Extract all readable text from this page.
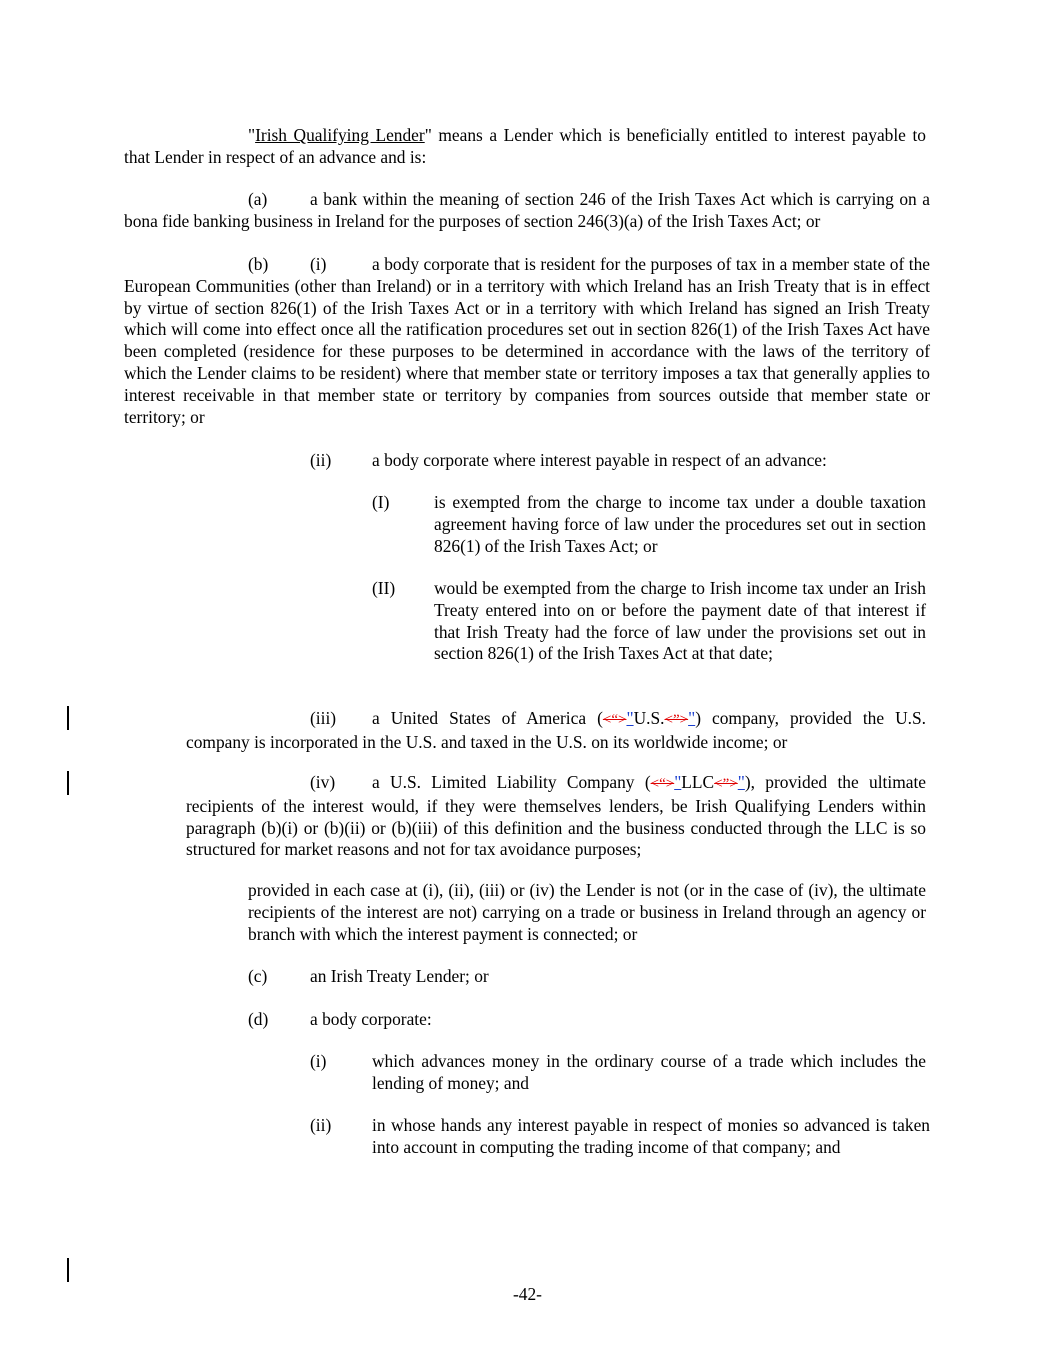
"Irish Qualifying Lender" means a Lender which is beneficially entitled to interest payable to that Lender in respect of an advance and is:

(a) a bank within the meaning of section 246 of the Irish Taxes Act which is carrying on a bona fide banking business in Ireland for the purposes of section 246(3)(a) of the Irish Taxes Act; or

(b) (i)	a body corporate that is resident for the purposes of tax in a member state of the European Communities (other than Ireland) or in a territory with which Ireland has an Irish Treaty that is in effect by virtue of section 826(1) of the Irish Taxes Act or in a territory with which Ireland has signed an Irish Treaty which will come into effect once all the ratification procedures set out in section 826(1) of the Irish Taxes Act have been completed (residence for these purposes to be determined in accordance with the laws of the territory of which the Lender claims to be resident) where that member state or territory imposes a tax that generally applies to interest receivable in that member state or territory by companies from sources outside that member state or territory; or

(ii) a body corporate where interest payable in respect of an advance:

(I)	is exempted from the charge to income tax under a double taxation agreement having force of law under the procedures set out in section 826(1) of the Irish Taxes Act; or
(II) would be exempted from the charge to Irish income tax under an Irish Treaty entered into on or before the payment date of that interest if that Irish Treaty had the force of law under the provisions set out in section 826(1) of the Irish Taxes Act at that date;

(iii) a United States of America (<“>"U.S.<”>") company, provided the U.S. company is incorporated in the U.S. and taxed in the U.S. on its worldwide income; or

(iv) a U.S. Limited Liability Company (<“>"LLC<”>"), provided the ultimate recipients of the interest would, if they were themselves lenders, be Irish Qualifying Lenders within paragraph (b)(i) or (b)(ii) or (b)(iii) of this definition and the business conducted through the LLC is so structured for market reasons and not for tax avoidance purposes;

provided in each case at (i), (ii), (iii) or (iv) the Lender is not (or in the case of (iv), the ultimate recipients of the interest are not) carrying on a trade or business in Ireland through an agency or branch with which the interest payment is connected; or

(c) an Irish Treaty Lender; or

(d) a body corporate:

(i)	which advances money in the ordinary course of a trade which includes the lending of money; and
(ii) in whose hands any interest payable in respect of monies so advanced is taken into account in computing the trading income of that company; and
-42-
